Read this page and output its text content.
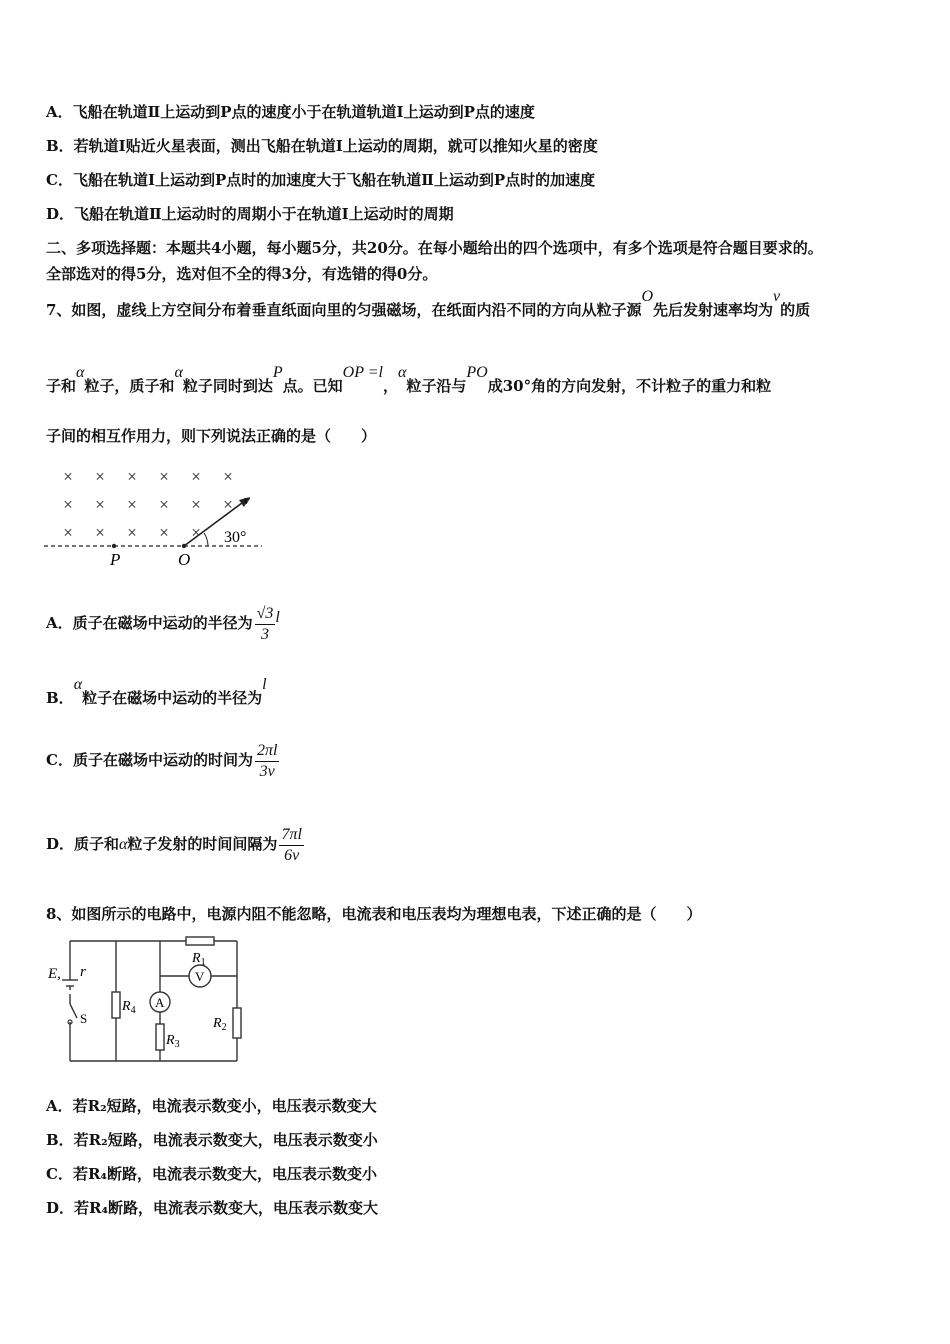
A．飞船在轨道Ⅱ上运动到P点的速度小于在轨道轨道Ⅰ上运动到P点的速度
B．若轨道I贴近火星表面，测出飞船在轨道I上运动的周期，就可以推知火星的密度
C．飞船在轨道I上运动到P点时的加速度大于飞船在轨道Ⅱ上运动到P点时的加速度
D．飞船在轨道Ⅱ上运动时的周期小于在轨道I上运动时的周期
二、多项选择题：本题共4小题，每小题5分，共20分。在每小题给出的四个选项中，有多个选项是符合题目要求的。
全部选对的得5分，选对但不全的得3分，有选错的得0分。
7、如图，虚线上方空间分布着垂直纸面向里的匀强磁场，在纸面内沿不同的方向从粒子源O先后发射速率均为v的质
子和α粒子，质子和α粒子同时到达P点。已知OP =l，α粒子沿与PO成30°角的方向发射，不计粒子的重力和粒
子间的相互作用力，则下列说法正确的是（　　）
× × × × × ×
× × × × × ×
× × × × ×
P	O
v
30°
A．质子在磁场中运动的半径为 $\frac{√3}{3}$ l
B．α粒子在磁场中运动的半径为l
C．质子在磁场中运动的时间为 $\frac{2\pi l}{3v}$
D．质子和α粒子发射的时间间隔为 $\frac{7\pi l}{6v}$
8、如图所示的电路中，电源内阻不能忽略，电流表和电压表均为理想电表，下述正确的是（　　）
V
A
E, r
S
$R_1$
$R_4$
$R_3$
$R_2$
A．若R₂短路，电流表示数变小，电压表示数变大
B．若R₂短路，电流表示数变大，电压表示数变小
C．若R₄断路，电流表示数变大，电压表示数变小
D．若R₄断路，电流表示数变大，电压表示数变大
